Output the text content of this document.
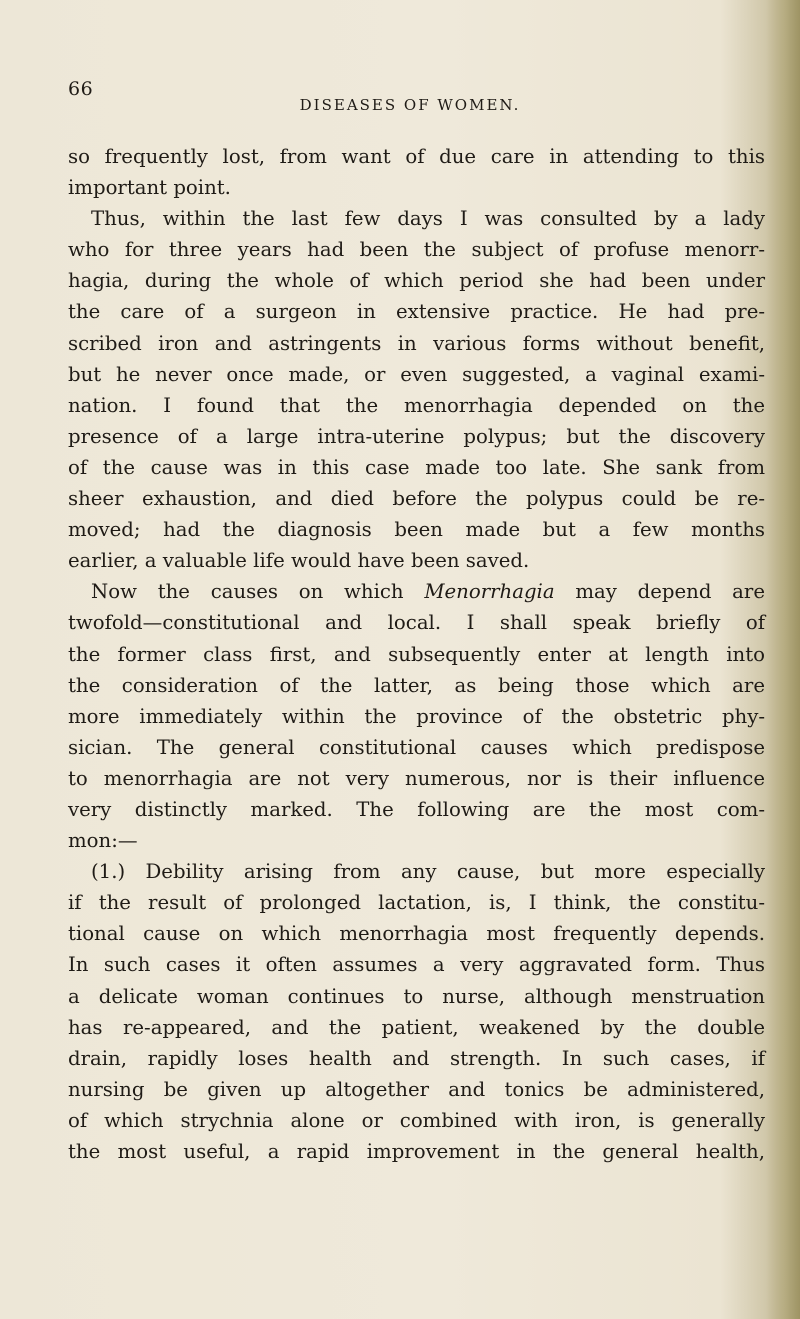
66
DISEASES OF WOMEN.
so frequently lost, from want of due care in attending to this
important point.
Thus, within the last few days I was consulted by a lady
who for three years had been the subject of profuse menorr-
hagia, during the whole of which period she had been under
the care of a surgeon in extensive practice. He had pre-
scribed iron and astringents in various forms without benefit,
but he never once made, or even suggested, a vaginal exami-
nation. I found that the menorrhagia depended on the
presence of a large intra-uterine polypus; but the discovery
of the cause was in this case made too late. She sank from
sheer exhaustion, and died before the polypus could be re-
moved; had the diagnosis been made but a few months
earlier, a valuable life would have been saved.
Now the causes on which Menorrhagia may depend are
twofold—constitutional and local. I shall speak briefly of
the former class first, and subsequently enter at length into
the consideration of the latter, as being those which are
more immediately within the province of the obstetric phy-
sician. The general constitutional causes which predispose
to menorrhagia are not very numerous, nor is their influence
very distinctly marked. The following are the most com-
mon:—
(1.) Debility arising from any cause, but more especially
if the result of prolonged lactation, is, I think, the constitu-
tional cause on which menorrhagia most frequently depends.
In such cases it often assumes a very aggravated form. Thus
a delicate woman continues to nurse, although menstruation
has re-appeared, and the patient, weakened by the double
drain, rapidly loses health and strength. In such cases, if
nursing be given up altogether and tonics be administered,
of which strychnia alone or combined with iron, is generally
the most useful, a rapid improvement in the general health,
